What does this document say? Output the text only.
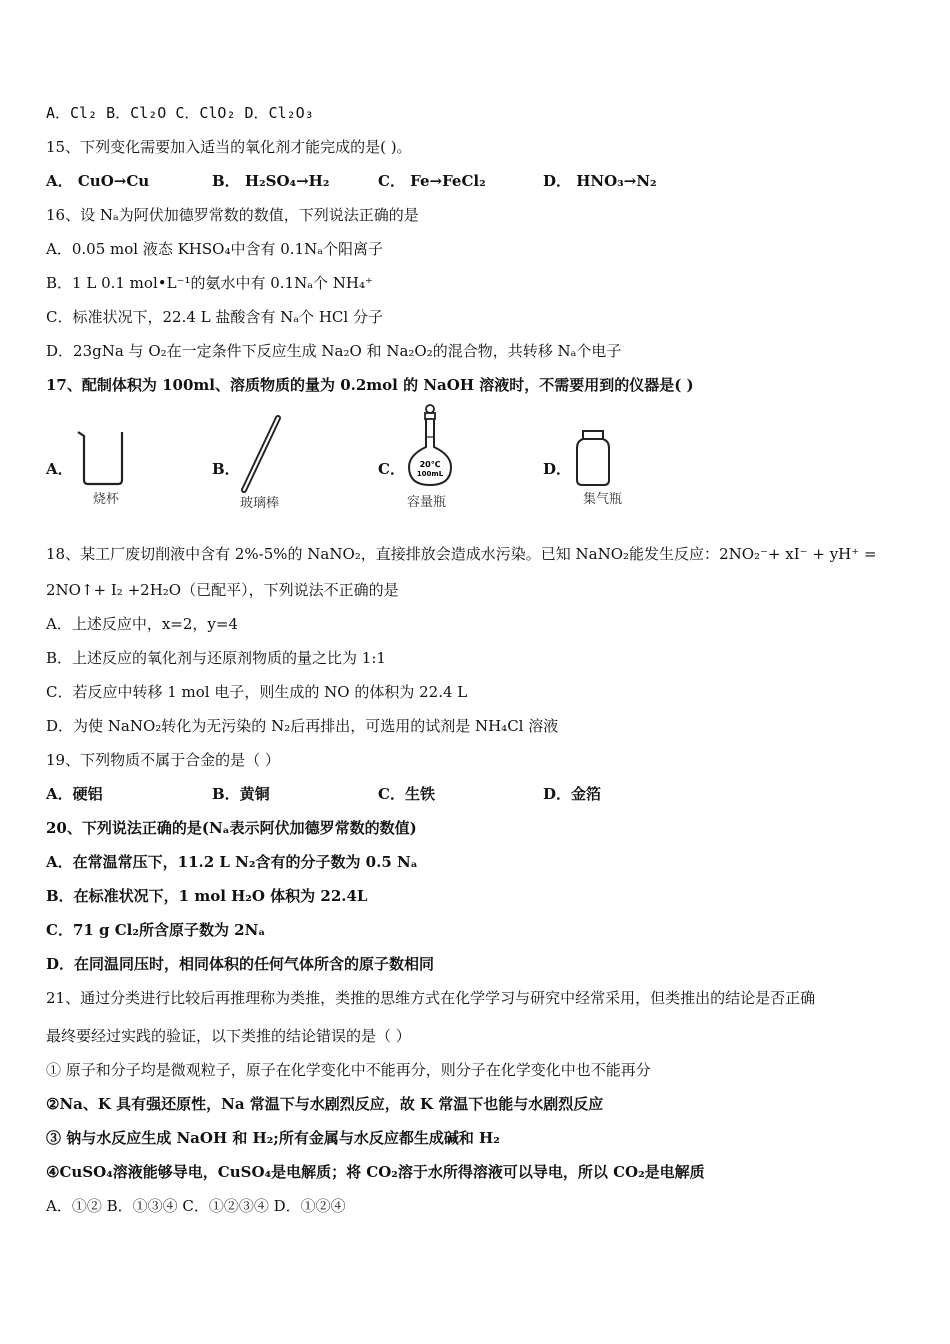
A．Cl₂ B．Cl₂O C．ClO₂ D．Cl₂O₃
15、下列变化需要加入适当的氧化剂才能完成的是( )。
A． CuO→Cu	B． H₂SO₄→H₂	C． Fe→FeCl₂	D． HNO₃→N₂
16、设 Nₐ为阿伏加德罗常数的数值，下列说法正确的是
A．0.05 mol 液态 KHSO₄中含有 0.1Nₐ个阳离子
B．1 L 0.1 mol•L⁻¹的氨水中有 0.1Nₐ个 NH₄⁺
C．标准状况下，22.4 L 盐酸含有 Nₐ个 HCl 分子
D．23gNa 与 O₂在一定条件下反应生成 Na₂O 和 Na₂O₂的混合物，共转移 Nₐ个电子
17、配制体积为 100ml、溶质物质的量为 0.2mol 的 NaOH 溶液时，不需要用到的仪器是( )
A．
烧杯
B．
玻璃棒
C． 20℃
100mL
容量瓶
D．
集气瓶
18、某工厂废切削液中含有 2%-5%的 NaNO₂，直接排放会造成水污染。已知 NaNO₂能发生反应：2NO₂⁻+ xI⁻ + yH⁺ =
2NO↑+ I₂ +2H₂O（已配平），下列说法不正确的是
A．上述反应中，x=2，y=4
B．上述反应的氧化剂与还原剂物质的量之比为 1:1
C．若反应中转移 1 mol 电子，则生成的 NO 的体积为 22.4 L
D．为使 NaNO₂转化为无污染的 N₂后再排出，可选用的试剂是 NH₄Cl 溶液
19、下列物质不属于合金的是（ ）
A．硬铝	B．黄铜	C．生铁	D．金箔
20、下列说法正确的是(Nₐ表示阿伏加德罗常数的数值)
A．在常温常压下，11.2 L N₂含有的分子数为 0.5 Nₐ
B．在标准状况下，1 mol H₂O 体积为 22.4L
C．71 g Cl₂所含原子数为 2Nₐ
D．在同温同压时，相同体积的任何气体所含的原子数相同
21、通过分类进行比较后再推理称为类推，类推的思维方式在化学学习与研究中经常采用，但类推出的结论是否正确
最终要经过实践的验证，以下类推的结论错误的是（ ）
① 原子和分子均是微观粒子，原子在化学变化中不能再分，则分子在化学变化中也不能再分
②Na、K 具有强还原性，Na 常温下与水剧烈反应，故 K 常温下也能与水剧烈反应
③ 钠与水反应生成 NaOH 和 H₂;所有金属与水反应都生成碱和 H₂
④CuSO₄溶液能够导电，CuSO₄是电解质；将 CO₂溶于水所得溶液可以导电，所以 CO₂是电解质
A．①② B．①③④ C．①②③④ D．①②④
